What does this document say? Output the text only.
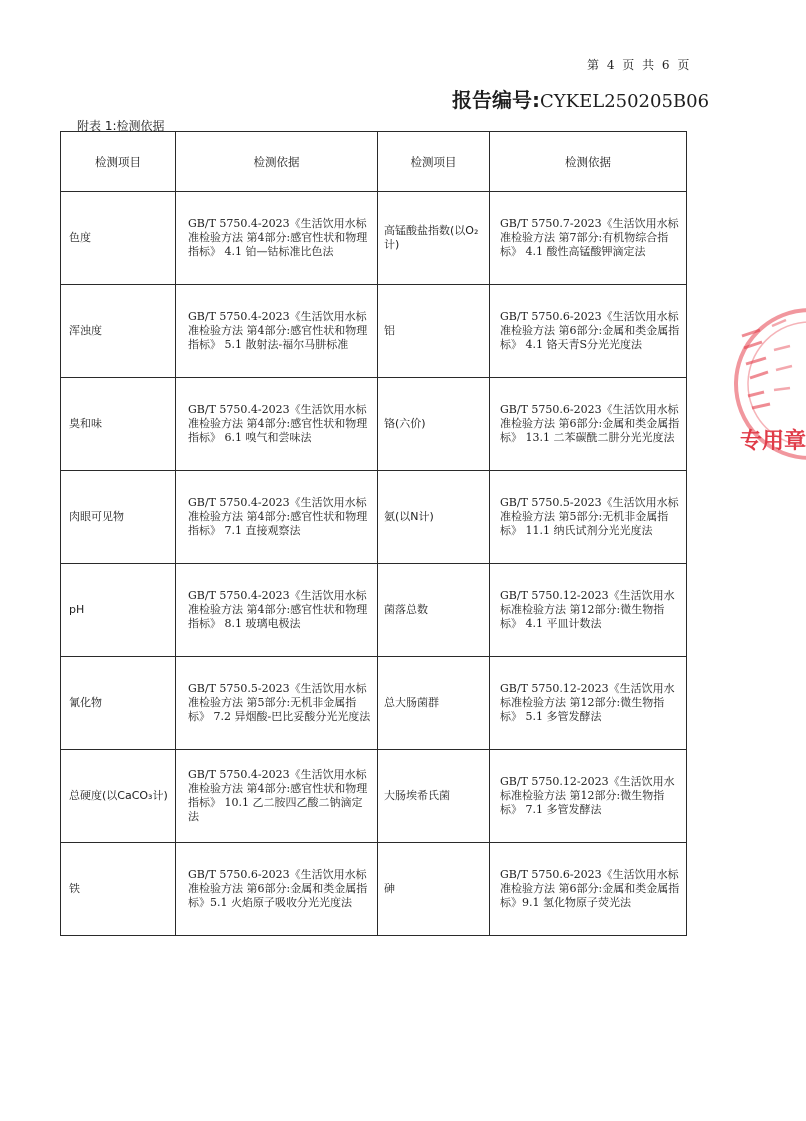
第 4 页 共 6 页
报告编号:CYKEL250205B06
附表 1:检测依据
检测项目	检测依据	检测项目	检测依据
色度	GB/T 5750.4-2023《生活饮用水标准检验方法 第4部分:感官性状和物理指标》 4.1 铂—钴标准比色法	高锰酸盐指数(以O₂计)	GB/T 5750.7-2023《生活饮用水标准检验方法 第7部分:有机物综合指标》 4.1 酸性高锰酸钾滴定法
浑浊度	GB/T 5750.4-2023《生活饮用水标准检验方法 第4部分:感官性状和物理指标》 5.1 散射法-福尔马肼标准	铝	GB/T 5750.6-2023《生活饮用水标准检验方法 第6部分:金属和类金属指标》 4.1 铬天青S分光光度法
臭和味	GB/T 5750.4-2023《生活饮用水标准检验方法 第4部分:感官性状和物理指标》 6.1 嗅气和尝味法	铬(六价)	GB/T 5750.6-2023《生活饮用水标准检验方法 第6部分:金属和类金属指标》 13.1 二苯碳酰二肼分光光度法
肉眼可见物	GB/T 5750.4-2023《生活饮用水标准检验方法 第4部分:感官性状和物理指标》 7.1 直接观察法	氨(以N计)	GB/T 5750.5-2023《生活饮用水标准检验方法 第5部分:无机非金属指标》 11.1 纳氏试剂分光光度法
pH	GB/T 5750.4-2023《生活饮用水标准检验方法 第4部分:感官性状和物理指标》 8.1 玻璃电极法	菌落总数	GB/T 5750.12-2023《生活饮用水标准检验方法 第12部分:微生物指标》 4.1 平皿计数法
氰化物	GB/T 5750.5-2023《生活饮用水标准检验方法 第5部分:无机非金属指标》 7.2 异烟酸-巴比妥酸分光光度法	总大肠菌群	GB/T 5750.12-2023《生活饮用水标准检验方法 第12部分:微生物指标》 5.1 多管发酵法
总硬度(以CaCO₃计)	GB/T 5750.4-2023《生活饮用水标准检验方法 第4部分:感官性状和物理指标》 10.1 乙二胺四乙酸二钠滴定法	大肠埃希氏菌	GB/T 5750.12-2023《生活饮用水标准检验方法 第12部分:微生物指标》 7.1 多管发酵法
铁	GB/T 5750.6-2023《生活饮用水标准检验方法 第6部分:金属和类金属指标》5.1 火焰原子吸收分光光度法	砷	GB/T 5750.6-2023《生活饮用水标准检验方法 第6部分:金属和类金属指标》9.1 氢化物原子荧光法
专用章
